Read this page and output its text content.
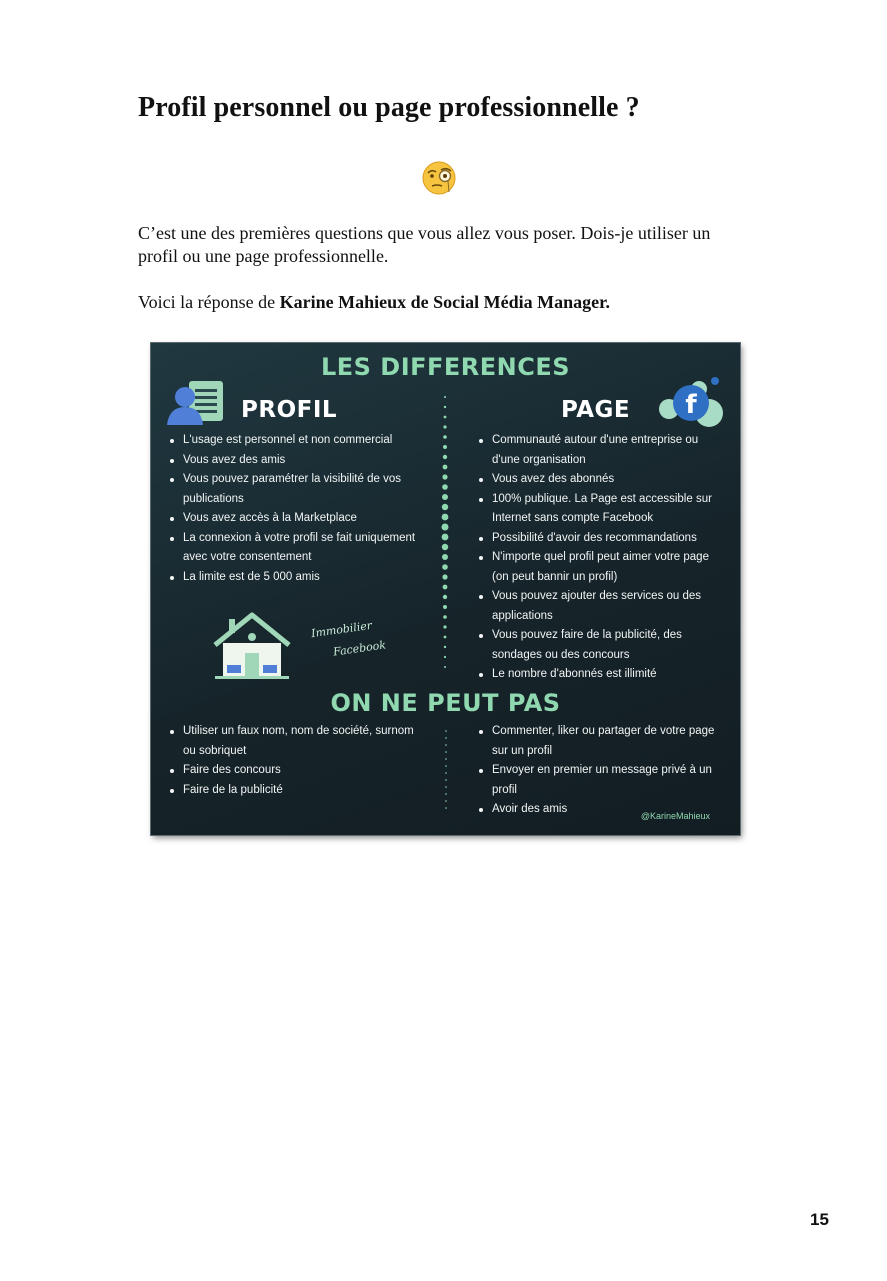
Profil personnel ou page professionnelle ?

C’est une des premières questions que vous allez vous poser. Dois-je utiliser un profil ou une page professionnelle.

Voici la réponse de Karine Mahieux de Social Média Manager.

LES DIFFERENCES
PROFIL	f
PAGE
L'usage est personnel et non commercial
Vous avez des amis
Vous pouvez paramétrer la visibilité de vos publications
Vous avez accès à la Marketplace
La connexion à votre profil se fait uniquement avec votre consentement
La limite est de 5 000 amis
Communauté autour d'une entreprise ou d'une organisation
Vous avez des abonnés
100% publique. La Page est accessible sur Internet sans compte Facebook
Possibilité d'avoir des recommandations
N'importe quel profil peut aimer votre page (on peut bannir un profil)
Vous pouvez ajouter des services ou des applications
Vous pouvez faire de la publicité, des sondages ou des concours
Le nombre d'abonnés est illimité
Immobilier
Facebook
ON NE PEUT PAS
Utiliser un faux nom, nom de société, surnom ou sobriquet
Faire des concours
Faire de la publicité
Commenter, liker ou partager de votre page sur un profil
Envoyer en premier un message privé à un profil
Avoir des amis
@KarineMahieux
15
